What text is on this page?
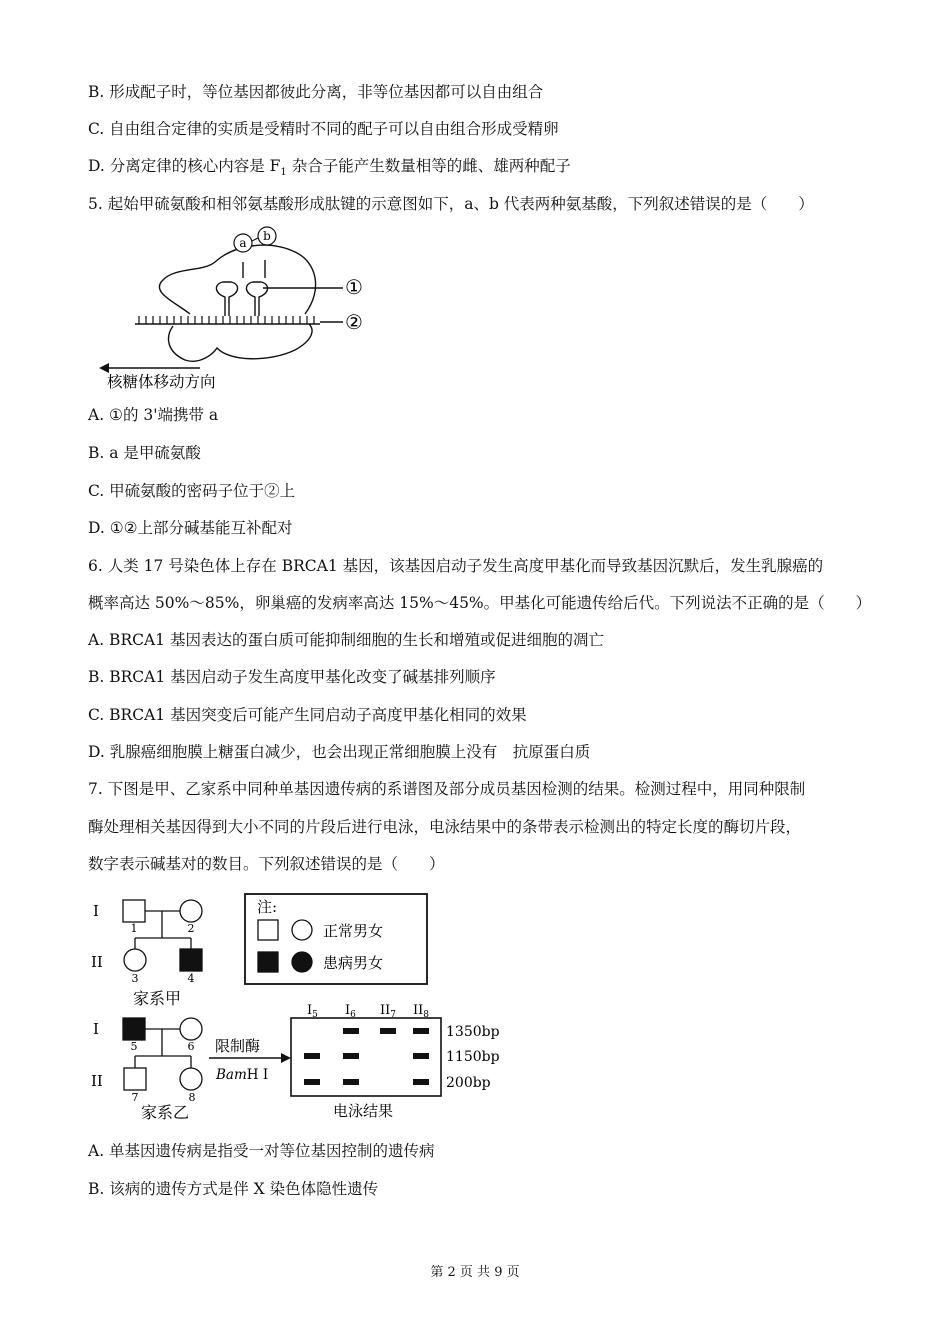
B. 形成配子时，等位基因都彼此分离，非等位基因都可以自由组合
C. 自由组合定律的实质是受精时不同的配子可以自由组合形成受精卵
D. 分离定律的核心内容是 $F_1$ 杂合子能产生数量相等的雌、雄两种配子
5. 起始甲硫氨酸和相邻氨基酸形成肽键的示意图如下，a、b 代表两种氨基酸，下列叙述错误的是（　　）
a b
①
②
核糖体移动方向
A. ①的 3'端携带 a
B. a 是甲硫氨酸
C. 甲硫氨酸的密码子位于②上
D. ①②上部分碱基能互补配对
6. 人类 17 号染色体上存在 BRCA1 基因，该基因启动子发生高度甲基化而导致基因沉默后，发生乳腺癌的
概率高达 50%～85%，卵巢癌的发病率高达 15%～45%。甲基化可能遗传给后代。下列说法不正确的是（　　）
A. BRCA1 基因表达的蛋白质可能抑制细胞的生长和增殖或促进细胞的凋亡
B. BRCA1 基因启动子发生高度甲基化改变了碱基排列顺序
C. BRCA1 基因突变后可能产生同启动子高度甲基化相同的效果
D. 乳腺癌细胞膜上糖蛋白减少，也会出现正常细胞膜上没有　抗原蛋白质
7. 下图是甲、乙家系中同种单基因遗传病的系谱图及部分成员基因检测的结果。检测过程中，用同种限制
酶处理相关基因得到大小不同的片段后进行电泳，电泳结果中的条带表示检测出的特定长度的酶切片段，
数字表示碱基对的数目。下列叙述错误的是（　　）
I
II
I
II
1	2
3	4
5	6
7	8
家系甲
家系乙
注:
正常男女
患病男女
限制酶
BamH I
$I_5$ $I_6$ $II_7$ $II_8$
1350bp
1150bp
200bp
电泳结果
A. 单基因遗传病是指受一对等位基因控制的遗传病
B. 该病的遗传方式是伴 X 染色体隐性遗传
第 2 页 共 9 页
